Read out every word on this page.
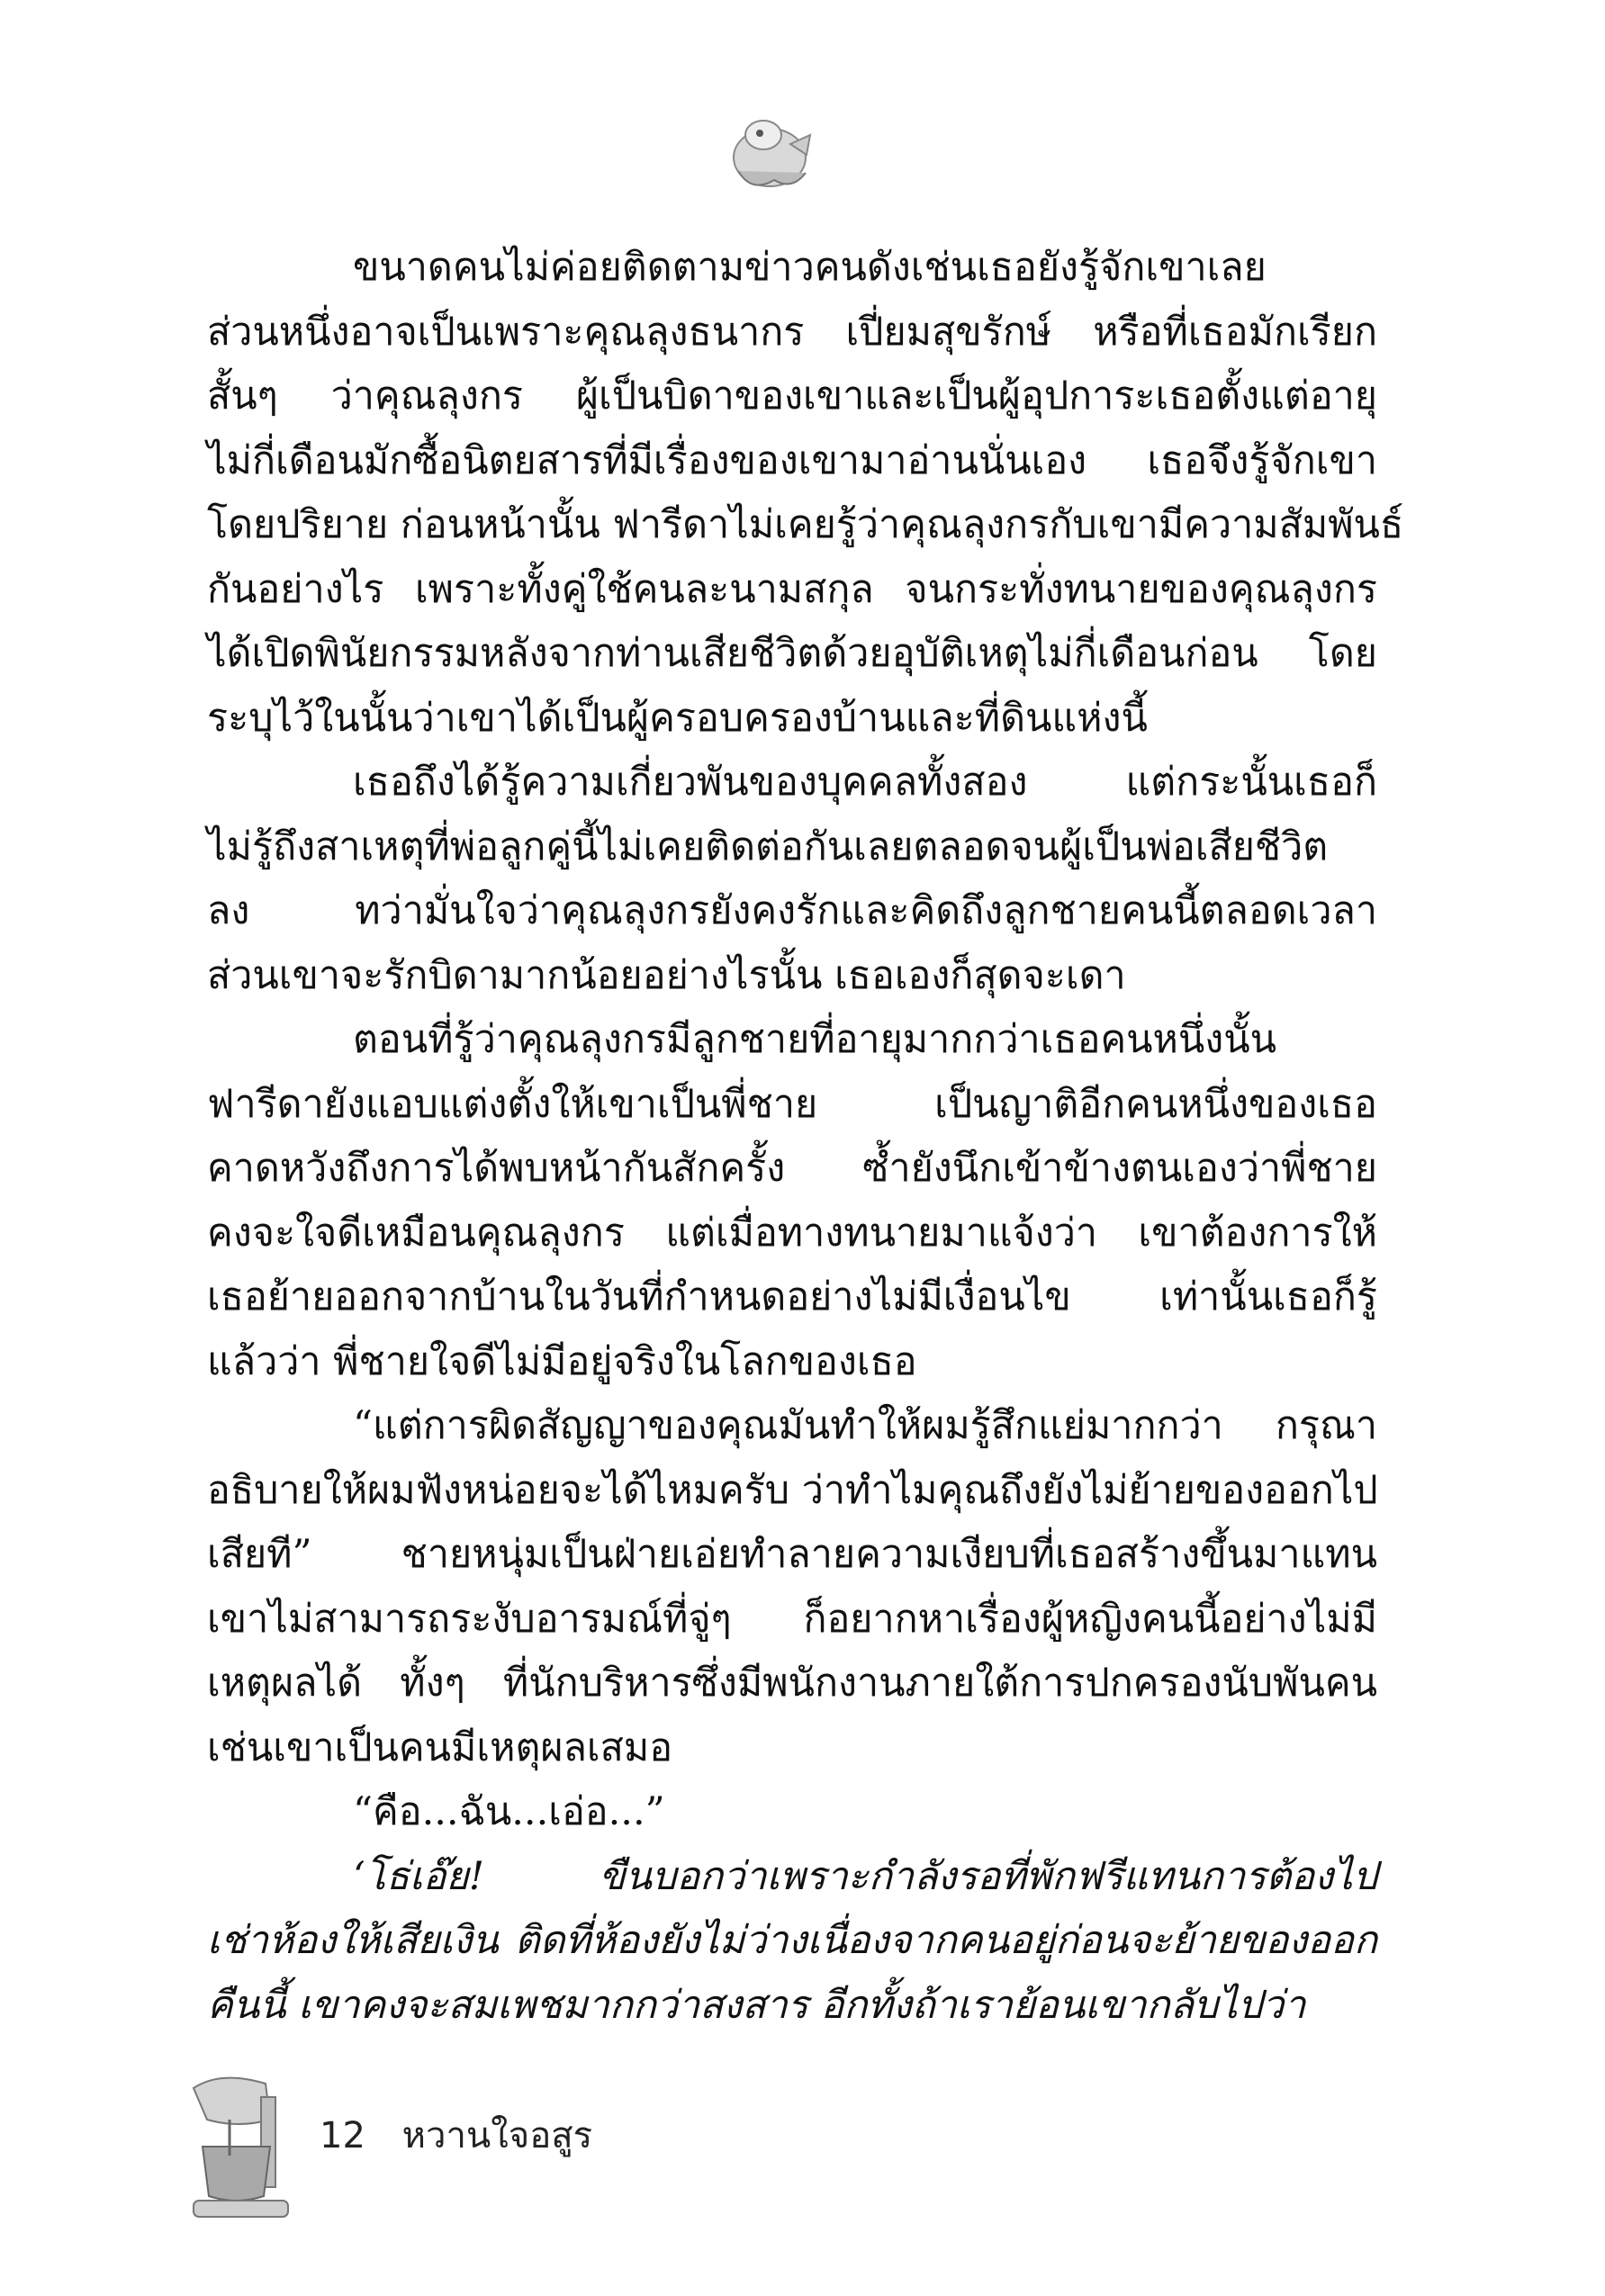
ขนาดคนไม่ค่อยติดตามข่าวคนดังเช่นเธอยังรู้จักเขาเลย
ส่วนหนึ่งอาจเป็นเพราะคุณลุงธนากร เปี่ยมสุขรักษ์ หรือที่เธอมักเรียก
สั้นๆ ว่าคุณลุงกร ผู้เป็นบิดาของเขาและเป็นผู้อุปการะเธอตั้งแต่อายุ
ไม่กี่เดือนมักซื้อนิตยสารที่มีเรื่องของเขามาอ่านนั่นเอง เธอจึงรู้จักเขา
โดยปริยาย ก่อนหน้านั้น ฟารีดาไม่เคยรู้ว่าคุณลุงกรกับเขามีความสัมพันธ์
กันอย่างไร เพราะทั้งคู่ใช้คนละนามสกุล จนกระทั่งทนายของคุณลุงกร
ได้เปิดพินัยกรรมหลังจากท่านเสียชีวิตด้วยอุบัติเหตุไม่กี่เดือนก่อน โดย
ระบุไว้ในนั้นว่าเขาได้เป็นผู้ครอบครองบ้านและที่ดินแห่งนี้
เธอถึงได้รู้ความเกี่ยวพันของบุคคลทั้งสอง แต่กระนั้นเธอก็
ไม่รู้ถึงสาเหตุที่พ่อลูกคู่นี้ไม่เคยติดต่อกันเลยตลอดจนผู้เป็นพ่อเสียชีวิต
ลง ทว่ามั่นใจว่าคุณลุงกรยังคงรักและคิดถึงลูกชายคนนี้ตลอดเวลา
ส่วนเขาจะรักบิดามากน้อยอย่างไรนั้น เธอเองก็สุดจะเดา
ตอนที่รู้ว่าคุณลุงกรมีลูกชายที่อายุมากกว่าเธอคนหนึ่งนั้น
ฟารีดายังแอบแต่งตั้งให้เขาเป็นพี่ชาย เป็นญาติอีกคนหนึ่งของเธอ
คาดหวังถึงการได้พบหน้ากันสักครั้ง ซ้ำยังนึกเข้าข้างตนเองว่าพี่ชาย
คงจะใจดีเหมือนคุณลุงกร แต่เมื่อทางทนายมาแจ้งว่า เขาต้องการให้
เธอย้ายออกจากบ้านในวันที่กำหนดอย่างไม่มีเงื่อนไข เท่านั้นเธอก็รู้
แล้วว่า พี่ชายใจดีไม่มีอยู่จริงในโลกของเธอ
“แต่การผิดสัญญาของคุณมันทำให้ผมรู้สึกแย่มากกว่า กรุณา
อธิบายให้ผมฟังหน่อยจะได้ไหมครับ ว่าทำไมคุณถึงยังไม่ย้ายของออกไป
เสียที” ชายหนุ่มเป็นฝ่ายเอ่ยทำลายความเงียบที่เธอสร้างขึ้นมาแทน
เขาไม่สามารถระงับอารมณ์ที่จู่ๆ ก็อยากหาเรื่องผู้หญิงคนนี้อย่างไม่มี
เหตุผลได้ ทั้งๆ ที่นักบริหารซึ่งมีพนักงานภายใต้การปกครองนับพันคน
เช่นเขาเป็นคนมีเหตุผลเสมอ
“คือ...ฉัน...เอ่อ...”
‘โธ่เอ๊ย! ขืนบอกว่าเพราะกำลังรอที่พักฟรีแทนการต้องไป
เช่าห้องให้เสียเงิน ติดที่ห้องยังไม่ว่างเนื่องจากคนอยู่ก่อนจะย้ายของออก
คืนนี้ เขาคงจะสมเพชมากกว่าสงสาร อีกทั้งถ้าเราย้อนเขากลับไปว่า
12 หวานใจอสูร
